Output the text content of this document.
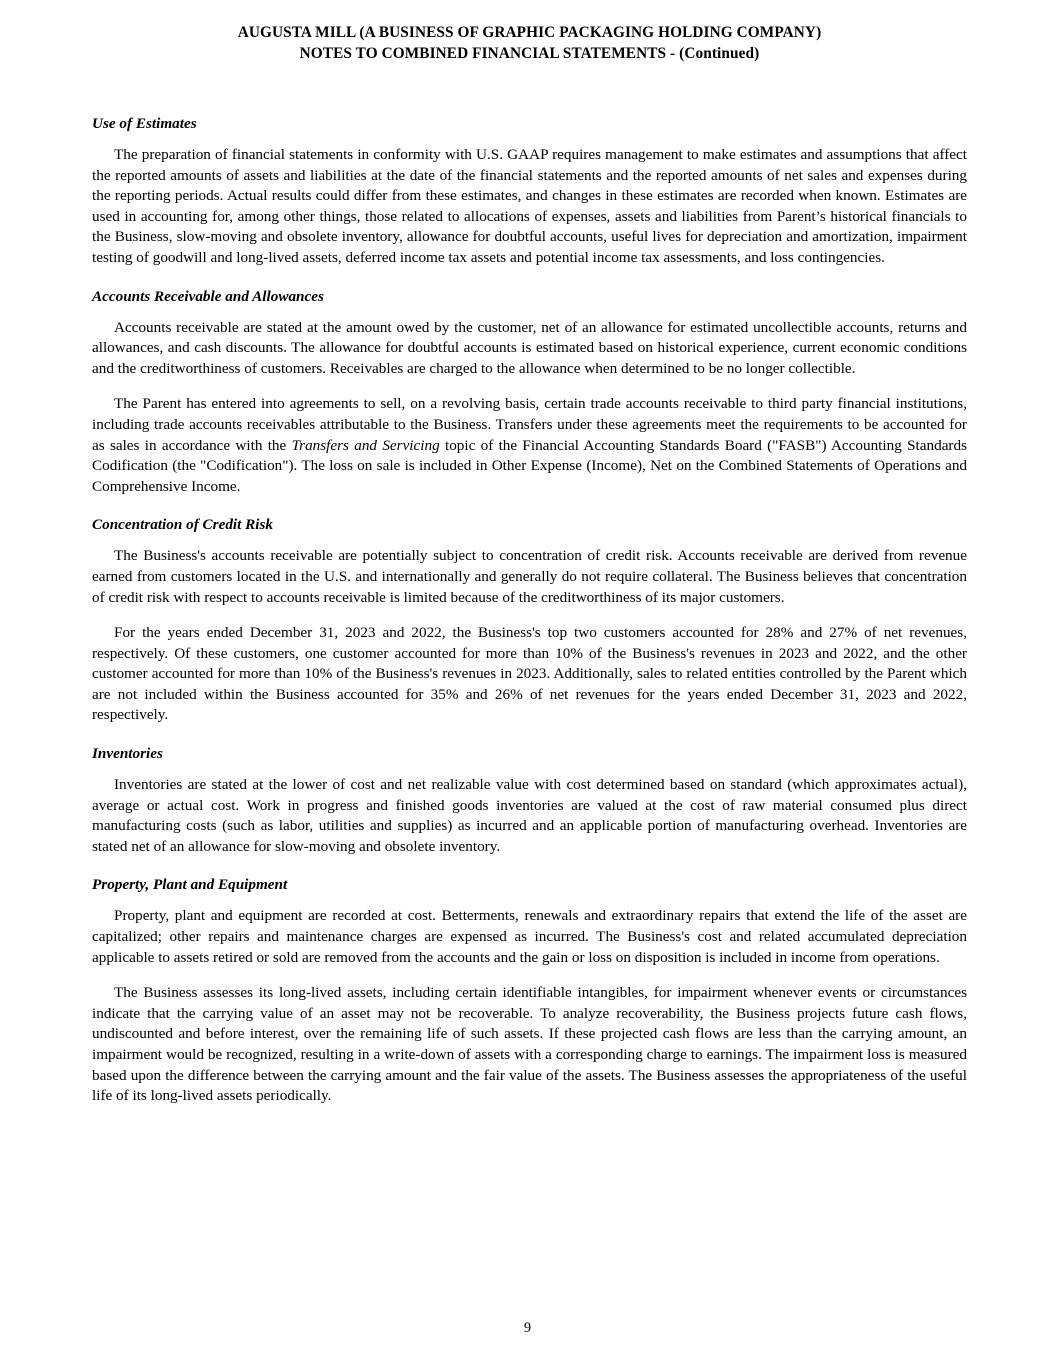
AUGUSTA MILL (A BUSINESS OF GRAPHIC PACKAGING HOLDING COMPANY)
NOTES TO COMBINED FINANCIAL STATEMENTS - (Continued)
Use of Estimates

The preparation of financial statements in conformity with U.S. GAAP requires management to make estimates and assumptions that affect the reported amounts of assets and liabilities at the date of the financial statements and the reported amounts of net sales and expenses during the reporting periods. Actual results could differ from these estimates, and changes in these estimates are recorded when known. Estimates are used in accounting for, among other things, those related to allocations of expenses, assets and liabilities from Parent’s historical financials to the Business, slow-moving and obsolete inventory, allowance for doubtful accounts, useful lives for depreciation and amortization, impairment testing of goodwill and long-lived assets, deferred income tax assets and potential income tax assessments, and loss contingencies.

Accounts Receivable and Allowances

Accounts receivable are stated at the amount owed by the customer, net of an allowance for estimated uncollectible accounts, returns and allowances, and cash discounts. The allowance for doubtful accounts is estimated based on historical experience, current economic conditions and the creditworthiness of customers. Receivables are charged to the allowance when determined to be no longer collectible.

The Parent has entered into agreements to sell, on a revolving basis, certain trade accounts receivable to third party financial institutions, including trade accounts receivables attributable to the Business. Transfers under these agreements meet the requirements to be accounted for as sales in accordance with the Transfers and Servicing topic of the Financial Accounting Standards Board ("FASB") Accounting Standards Codification (the "Codification"). The loss on sale is included in Other Expense (Income), Net on the Combined Statements of Operations and Comprehensive Income.

Concentration of Credit Risk

The Business's accounts receivable are potentially subject to concentration of credit risk. Accounts receivable are derived from revenue earned from customers located in the U.S. and internationally and generally do not require collateral. The Business believes that concentration of credit risk with respect to accounts receivable is limited because of the creditworthiness of its major customers.

For the years ended December 31, 2023 and 2022, the Business's top two customers accounted for 28% and 27% of net revenues, respectively. Of these customers, one customer accounted for more than 10% of the Business's revenues in 2023 and 2022, and the other customer accounted for more than 10% of the Business's revenues in 2023. Additionally, sales to related entities controlled by the Parent which are not included within the Business accounted for 35% and 26% of net revenues for the years ended December 31, 2023 and 2022, respectively.

Inventories

Inventories are stated at the lower of cost and net realizable value with cost determined based on standard (which approximates actual), average or actual cost. Work in progress and finished goods inventories are valued at the cost of raw material consumed plus direct manufacturing costs (such as labor, utilities and supplies) as incurred and an applicable portion of manufacturing overhead. Inventories are stated net of an allowance for slow-moving and obsolete inventory.

Property, Plant and Equipment

Property, plant and equipment are recorded at cost. Betterments, renewals and extraordinary repairs that extend the life of the asset are capitalized; other repairs and maintenance charges are expensed as incurred. The Business's cost and related accumulated depreciation applicable to assets retired or sold are removed from the accounts and the gain or loss on disposition is included in income from operations.

The Business assesses its long-lived assets, including certain identifiable intangibles, for impairment whenever events or circumstances indicate that the carrying value of an asset may not be recoverable. To analyze recoverability, the Business projects future cash flows, undiscounted and before interest, over the remaining life of such assets. If these projected cash flows are less than the carrying amount, an impairment would be recognized, resulting in a write-down of assets with a corresponding charge to earnings. The impairment loss is measured based upon the difference between the carrying amount and the fair value of the assets. The Business assesses the appropriateness of the useful life of its long-lived assets periodically.

9
